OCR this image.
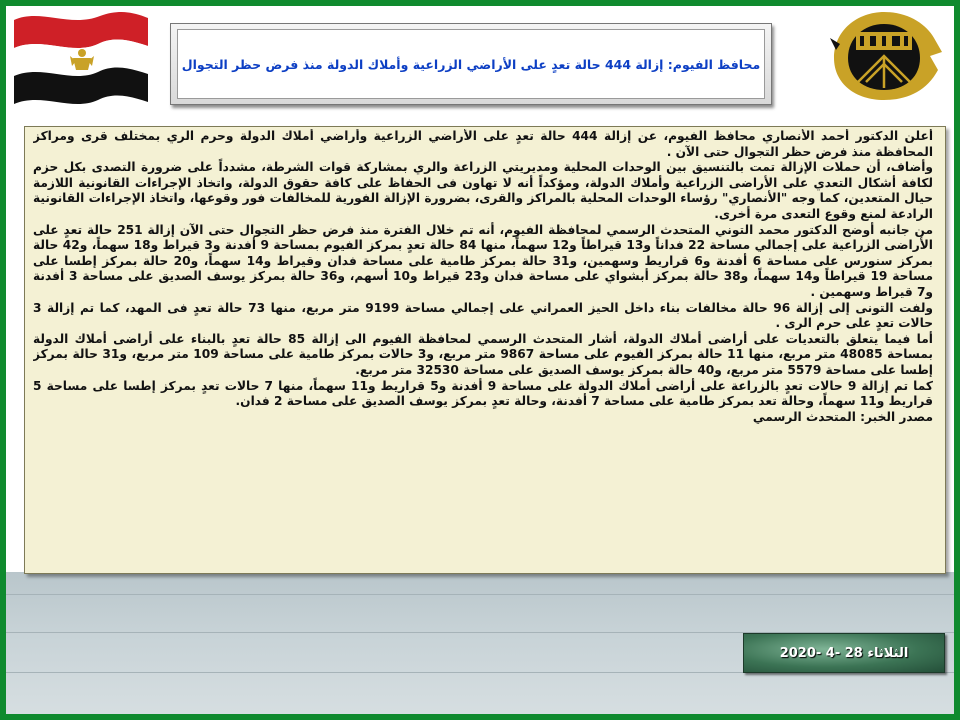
محافظ الفيوم: إزالة 444 حالة تعدٍ على الأراضي الزراعية وأملاك الدولة منذ فرض حظر التجوال

أعلن الدكتور أحمد الأنصاري محافظ الفيوم، عن إزالة 444 حالة تعدٍ على الأراضي الزراعية وأراضي أملاك الدولة وحرم الري بمختلف قرى ومراكز المحافظة منذ فرض حظر التجوال حتى الآن .

وأضاف، أن حملات الإزالة تمت بالتنسيق بين الوحدات المحلية ومديريتي الزراعة والري بمشاركة قوات الشرطة، مشدداً على ضرورة التصدى بكل حزم لكافة أشكال التعدي على الأراضى الزراعية وأملاك الدولة، ومؤكداً أنه لا تهاون فى الحفاظ على كافة حقوق الدولة، واتخاذ الإجراءات القانونية اللازمة حيال المتعدين، كما وجه "الأنصاري" رؤساء الوحدات المحلية بالمراكز والقرى، بضرورة الإزالة الفورية للمخالفات فور وقوعها، واتخاذ الإجراءات القانونية الرادعة لمنع وقوع التعدى مرة أخرى.

من جانبه أوضح الدكتور محمد التوني المتحدث الرسمي لمحافظة الفيوم، أنه تم خلال الفترة منذ فرض حظر التجوال حتى الآن إزالة 251 حالة تعدٍ على الأراضى الزراعية على إجمالي مساحة 22 فداناً و13 قيراطاً و12 سهماً، منها 84 حالة تعدٍ بمركز الفيوم بمساحة 9 أفدنة و3 قيراط و18 سهماً، و42 حالة بمركز سنورس على مساحة 6 أفدنة و6 قراريط وسهمين، و31 حالة بمركز طامية على مساحة فدان وقيراط و14 سهماً، و20 حالة بمركز إطسا على مساحة 19 قيراطاً و14 سهماً، و38 حالة بمركز أبشواي على مساحة فدان و23 قيراط و10 أسهم، و36 حالة بمركز يوسف الصديق على مساحة 3 أفدنة و7 قيراط وسهمين .

ولفت التونى إلى إزالة 96 حالة مخالفات بناء داخل الحيز العمراني على إجمالي مساحة 9199 متر مربع، منها 73 حالة تعدٍ فى المهد، كما تم إزالة 3 حالات تعدٍ على حرم الرى .

أما فيما يتعلق بالتعديات على أراضى أملاك الدولة، أشار المتحدث الرسمي لمحافظة الفيوم الى إزالة 85 حالة تعدٍ بالبناء على أراضى أملاك الدولة بمساحة 48085 متر مربع، منها 11 حالة بمركز الفيوم على مساحة 9867 متر مربع، و3 حالات بمركز طامية على مساحة 109 متر مربع، و31 حالة بمركز إطسا على مساحة 5579 متر مربع، و40 حالة بمركز يوسف الصديق على مساحة 32530 متر مربع.

كما تم إزالة 9 حالات تعدٍ بالزراعة على أراضى أملاك الدولة على مساحة 9 أفدنة و5 قراريط و11 سهماً، منها 7 حالات تعدٍ بمركز إطسا على مساحة 5 قراريط و11 سهماً، وحالة تعد بمركز طامية على مساحة 7 أفدنة، وحالة تعدٍ بمركز يوسف الصديق على مساحة 2 فدان.

مصدر الخبر: المتحدث الرسمي

الثلاثاء 28 -4 -2020
